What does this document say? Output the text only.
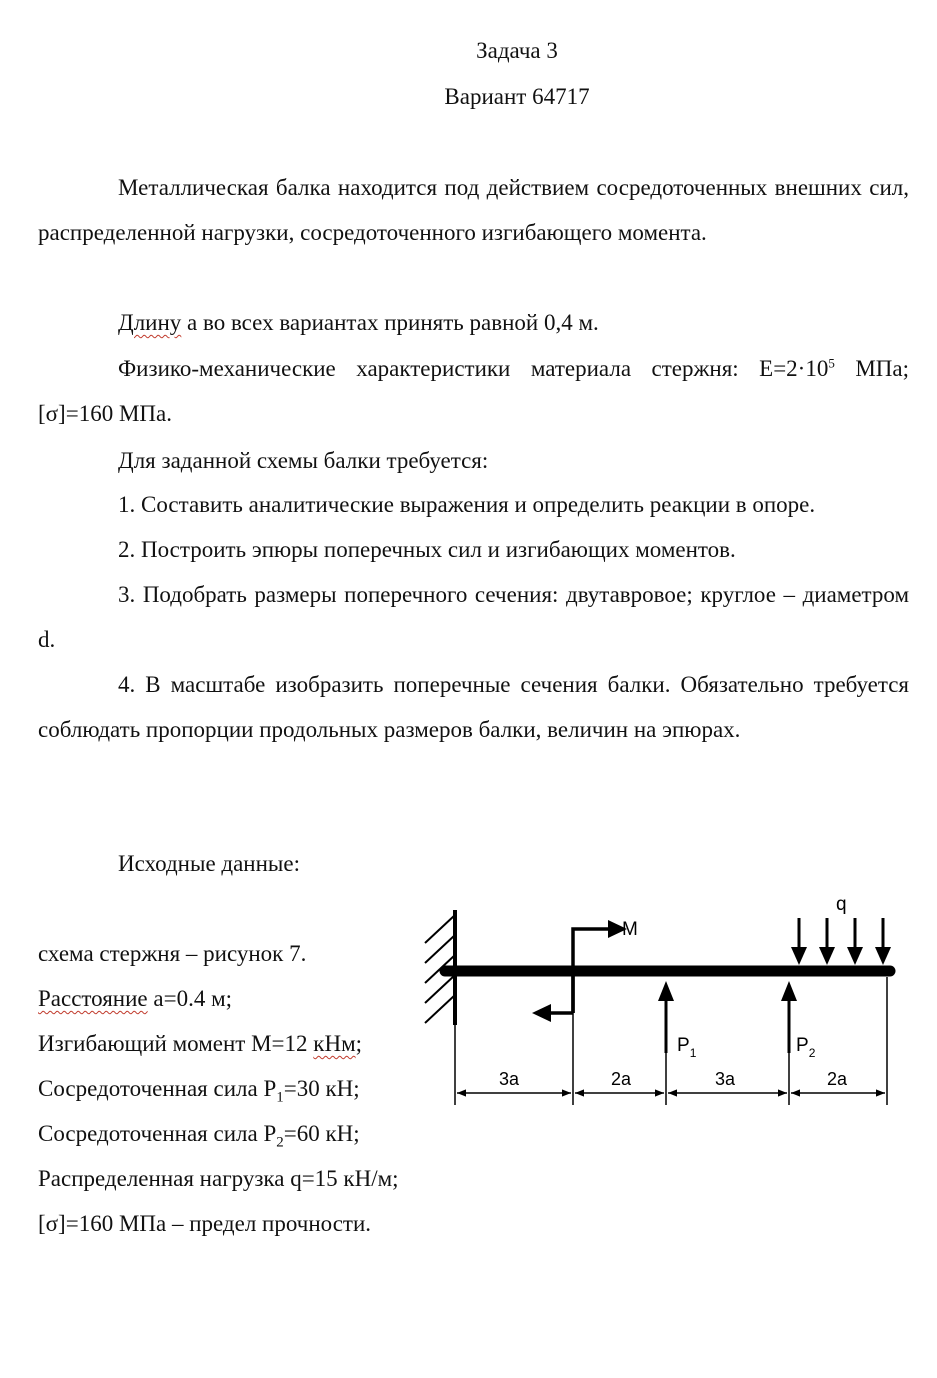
Задача 3
Вариант 64717
Металлическая балка находится под действием сосредоточенных внешних сил, распределенной нагрузки, сосредоточенного изгибающего момента.
Длину а во всех вариантах принять равной 0,4 м.
Физико-механические характеристики материала стержня: $E=2\cdot 10^5$ МПа; [σ]=160 МПа.
Для заданной схемы балки требуется:
1. Составить аналитические выражения и определить реакции в опоре.
2. Построить эпюры поперечных сил и изгибающих моментов.
3. Подобрать размеры поперечного сечения: двутавровое; круглое – диаметром d.
4. В масштабе изобразить поперечные сечения балки. Обязательно требуется соблюдать пропорции продольных размеров балки, величин на эпюрах.
Исходные данные:
схема стержня – рисунок 7.
Расстояние a=0.4 м;
Изгибающий момент М=12 кНм;
Сосредоточенная сила $P_1=30$ кН;
Сосредоточенная сила $P_2=60$ кН;
Распределенная нагрузка q=15 кН/м;
[σ]=160 МПа – предел прочности.
M
q
$P_1$	$P_2$
3a	2a	3a	2a
